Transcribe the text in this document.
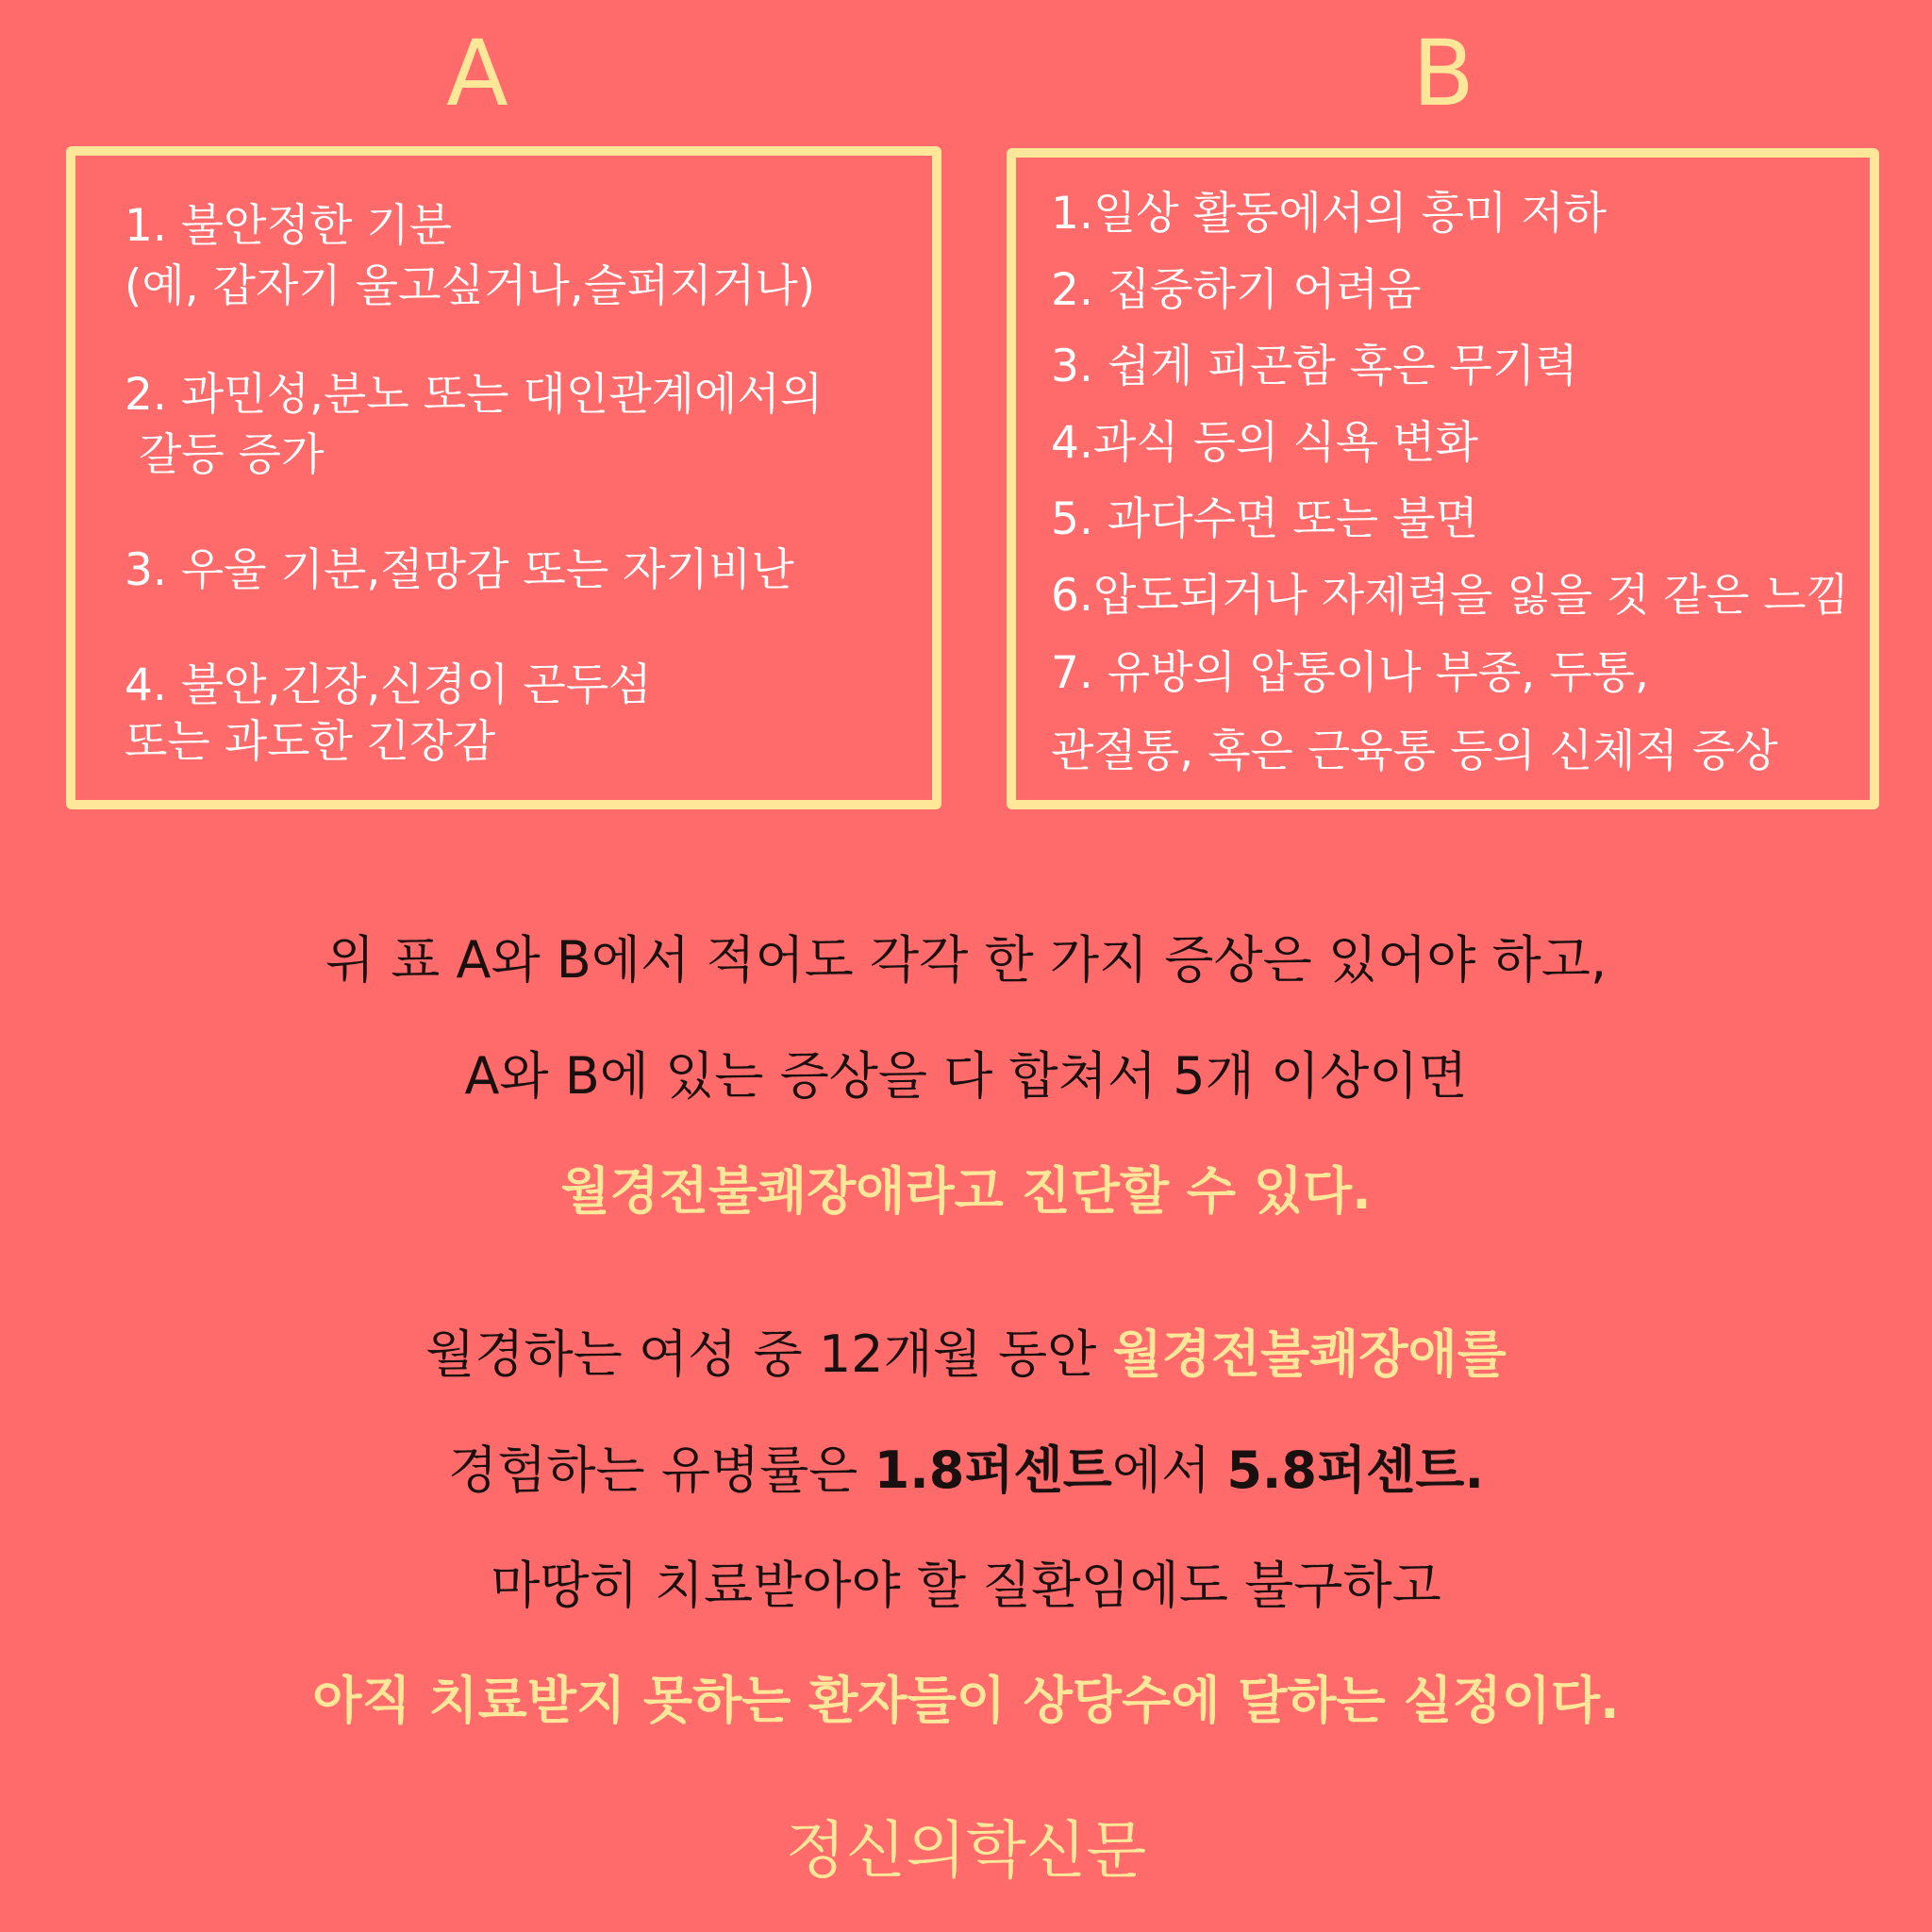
A	B
1. 불안정한 기분
(예, 갑자기 울고싶거나,슬퍼지거나)
2. 과민성,분노 또는 대인관계에서의
갈등 증가
3. 우울 기분,절망감 또는 자기비난
4. 불안,긴장,신경이 곤두섬
또는 과도한 긴장감
1.일상 활동에서의 흥미 저하
2. 집중하기 어려움
3. 쉽게 피곤함 혹은 무기력
4.과식 등의 식욕 변화
5. 과다수면 또는 불면
6.압도되거나 자제력을 잃을 것 같은 느낌
7. 유방의 압통이나 부종, 두통,
관절통, 혹은 근육통 등의 신체적 증상
위 표 A와 B에서 적어도 각각 한 가지 증상은 있어야 하고,
A와 B에 있는 증상을 다 합쳐서 5개 이상이면
월경전불쾌장애라고 진단할 수 있다.
월경하는 여성 중 12개월 동안 월경전불쾌장애를
경험하는 유병률은 1.8퍼센트에서 5.8퍼센트.
마땅히 치료받아야 할 질환임에도 불구하고
아직 치료받지 못하는 환자들이 상당수에 달하는 실정이다.
정신의학신문
